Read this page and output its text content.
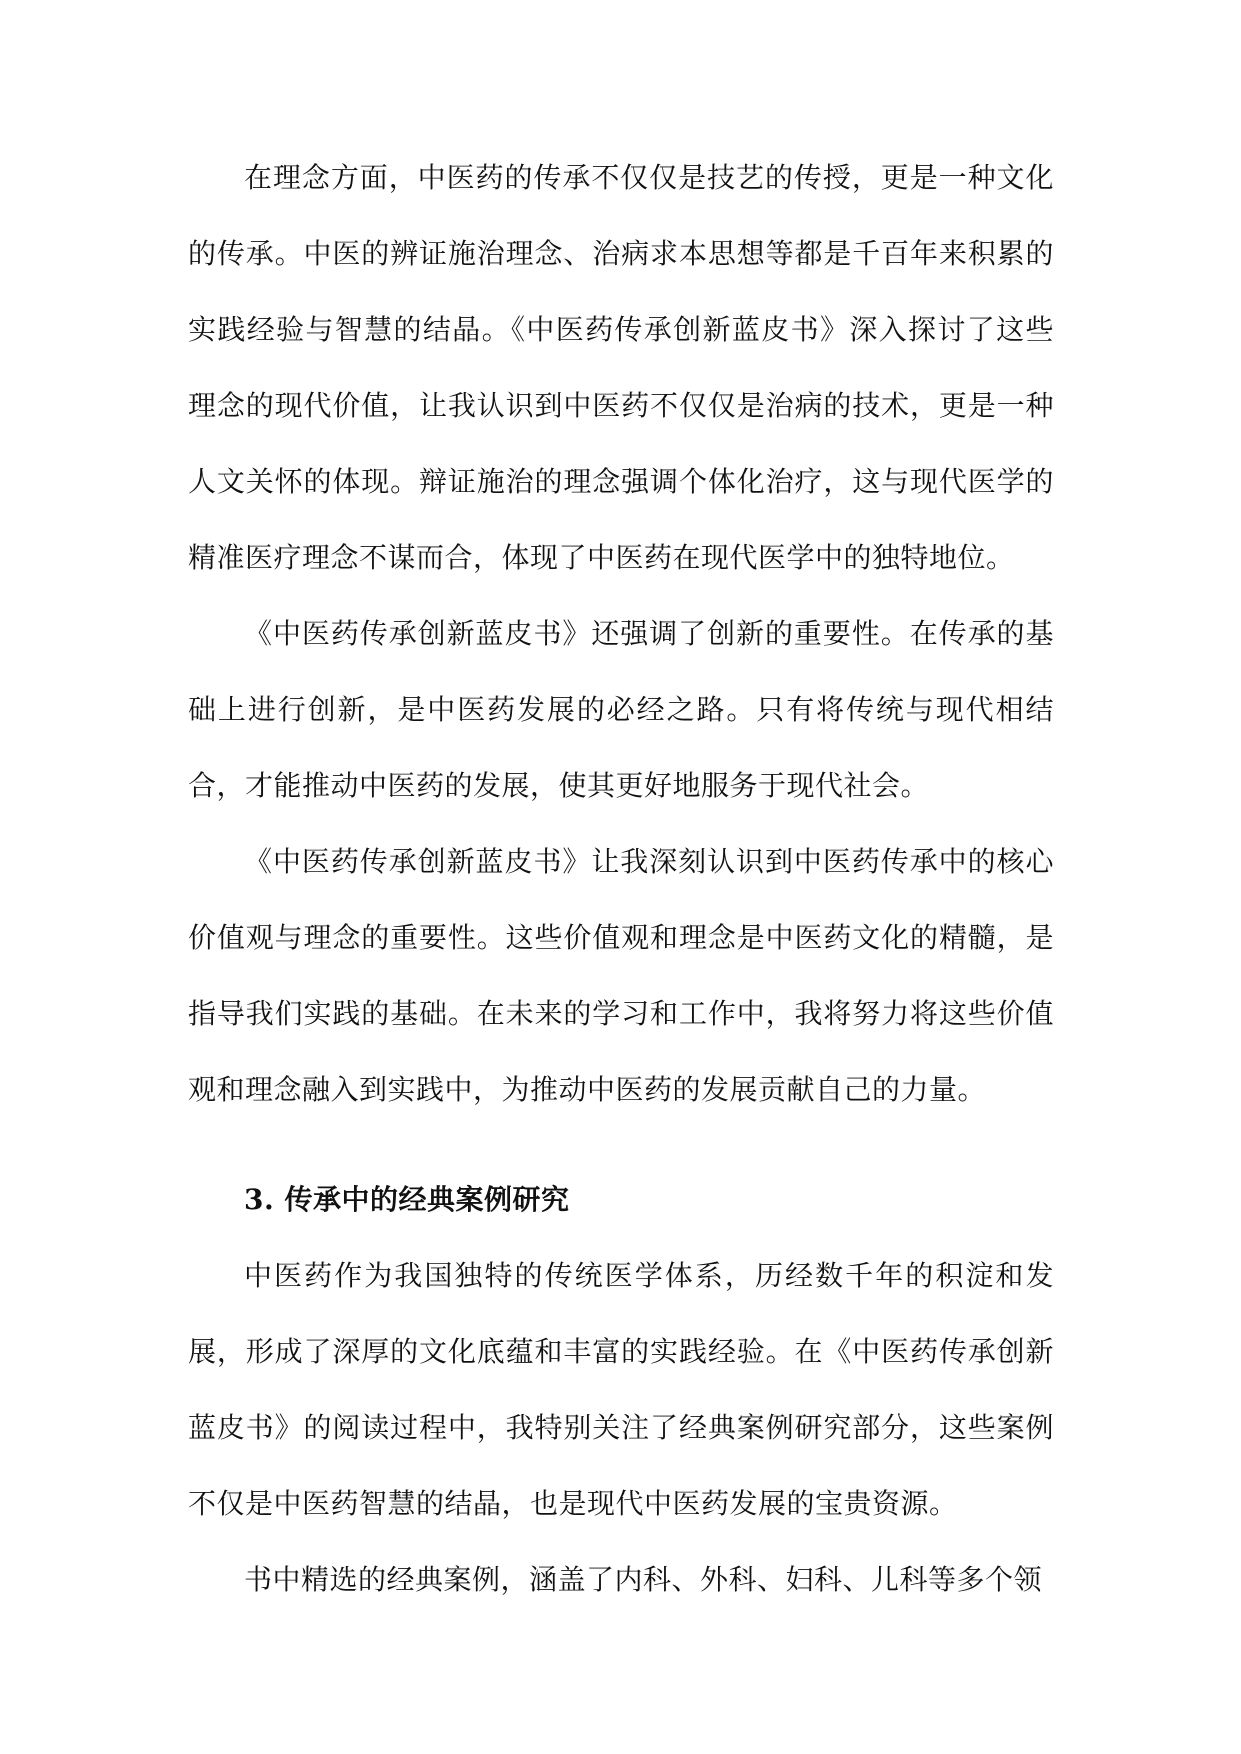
在理念方面，中医药的传承不仅仅是技艺的传授，更是一种文化的传承。中医的辨证施治理念、治病求本思想等都是千百年来积累的实践经验与智慧的结晶。《中医药传承创新蓝皮书》深入探讨了这些理念的现代价值，让我认识到中医药不仅仅是治病的技术，更是一种人文关怀的体现。辩证施治的理念强调个体化治疗，这与现代医学的精准医疗理念不谋而合，体现了中医药在现代医学中的独特地位。

《中医药传承创新蓝皮书》还强调了创新的重要性。在传承的基础上进行创新，是中医药发展的必经之路。只有将传统与现代相结合，才能推动中医药的发展，使其更好地服务于现代社会。

《中医药传承创新蓝皮书》让我深刻认识到中医药传承中的核心价值观与理念的重要性。这些价值观和理念是中医药文化的精髓，是指导我们实践的基础。在未来的学习和工作中，我将努力将这些价值观和理念融入到实践中，为推动中医药的发展贡献自己的力量。

3. 传承中的经典案例研究

中医药作为我国独特的传统医学体系，历经数千年的积淀和发展，形成了深厚的文化底蕴和丰富的实践经验。在《中医药传承创新蓝皮书》的阅读过程中，我特别关注了经典案例研究部分，这些案例不仅是中医药智慧的结晶，也是现代中医药发展的宝贵资源。

书中精选的经典案例，涵盖了内科、外科、妇科、儿科等多个领
